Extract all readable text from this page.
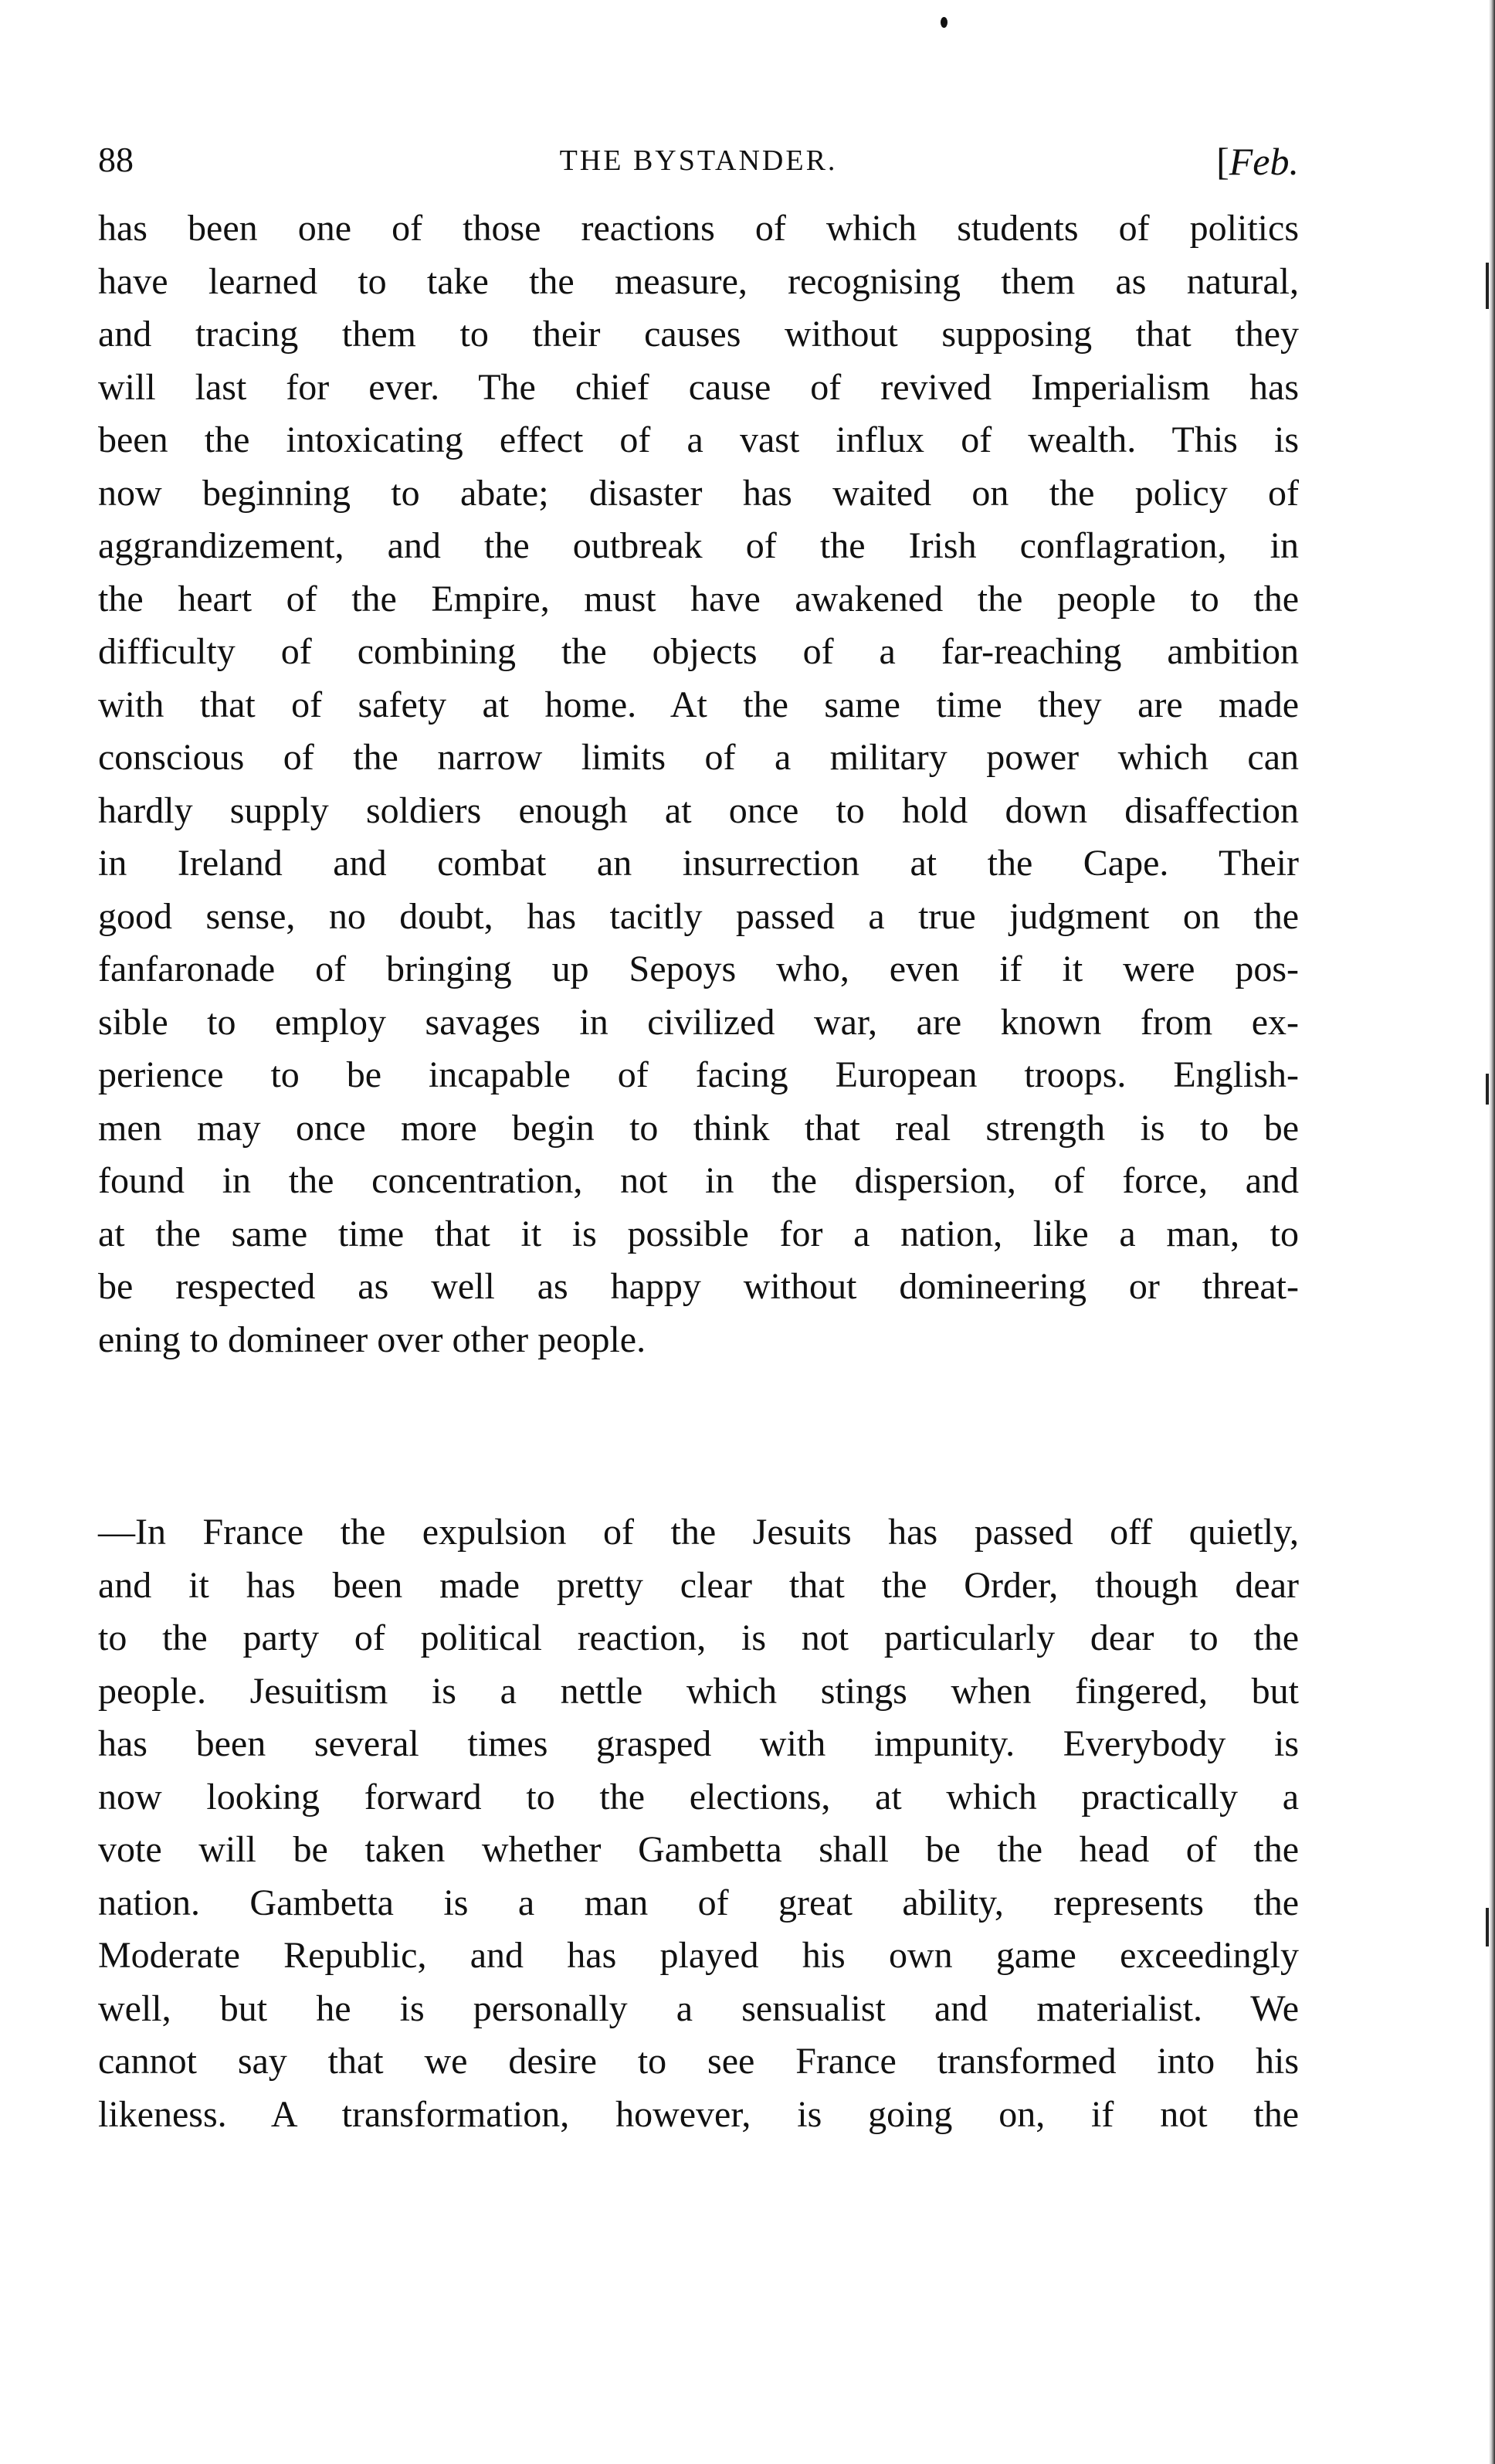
88	THE BYSTANDER.	[Feb.
has been one of those reactions of which students of politics
have learned to take the measure, recognising them as natural,
and tracing them to their causes without supposing that they
will last for ever. The chief cause of revived Imperialism has
been the intoxicating effect of a vast influx of wealth. This is
now beginning to abate; disaster has waited on the policy of
aggrandizement, and the outbreak of the Irish conflagration, in
the heart of the Empire, must have awakened the people to the
difficulty of combining the objects of a far-reaching ambition
with that of safety at home. At the same time they are made
conscious of the narrow limits of a military power which can
hardly supply soldiers enough at once to hold down disaffection
in Ireland and combat an insurrection at the Cape. Their
good sense, no doubt, has tacitly passed a true judgment on the
fanfaronade of bringing up Sepoys who, even if it were pos-
sible to employ savages in civilized war, are known from ex-
perience to be incapable of facing European troops. English-
men may once more begin to think that real strength is to be
found in the concentration, not in the dispersion, of force, and
at the same time that it is possible for a nation, like a man, to
be respected as well as happy without domineering or threat-
ening to domineer over other people.
—In France the expulsion of the Jesuits has passed off quietly,
and it has been made pretty clear that the Order, though dear
to the party of political reaction, is not particularly dear to the
people. Jesuitism is a nettle which stings when fingered, but
has been several times grasped with impunity. Everybody is
now looking forward to the elections, at which practically a
vote will be taken whether Gambetta shall be the head of the
nation. Gambetta is a man of great ability, represents the
Moderate Republic, and has played his own game exceedingly
well, but he is personally a sensualist and materialist. We
cannot say that we desire to see France transformed into his
likeness. A transformation, however, is going on, if not the
